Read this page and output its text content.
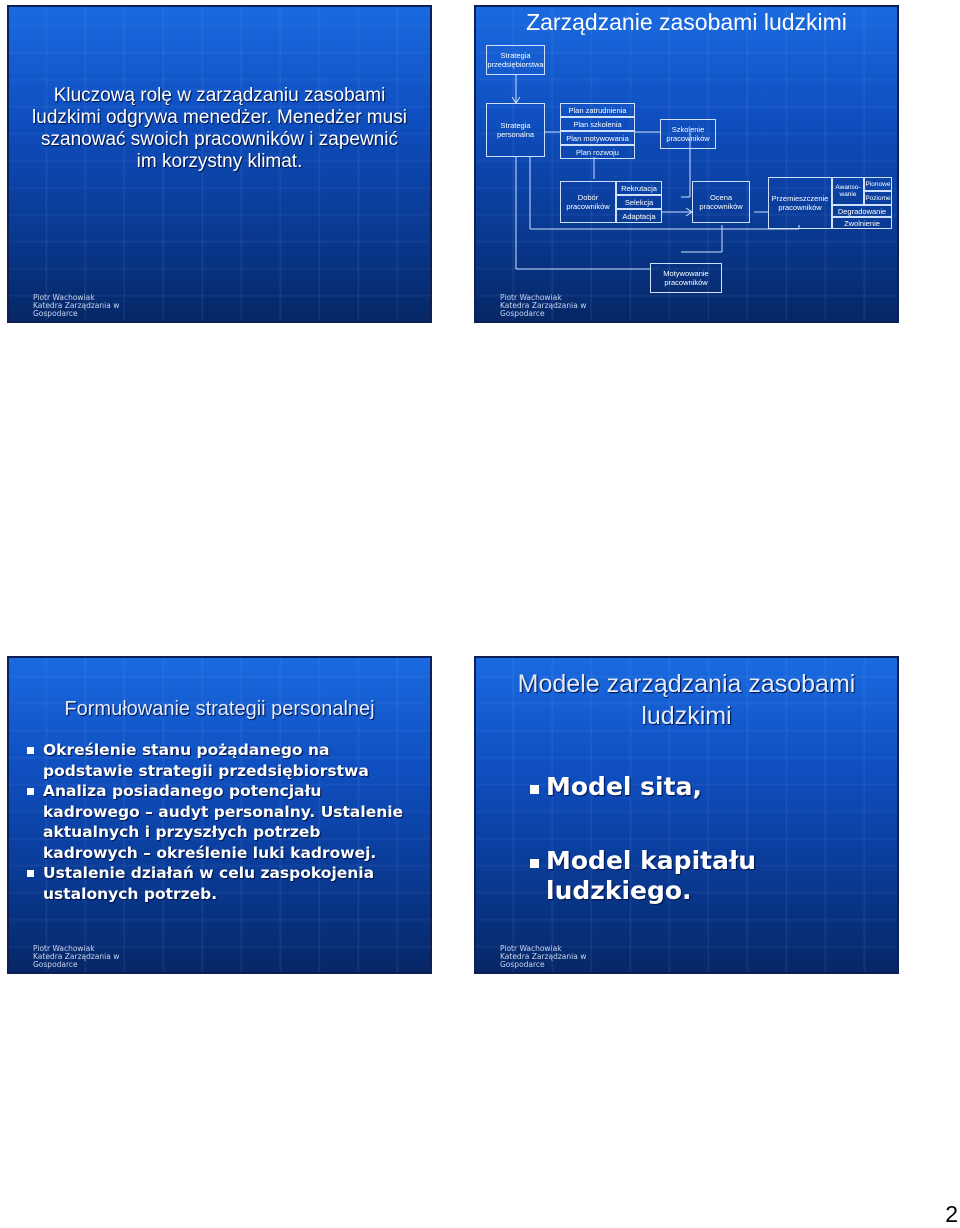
Kluczową rolę w zarządzaniu zasobami ludzkimi odgrywa menedżer. Menedżer musi szanować swoich pracowników i zapewnić im korzystny klimat.
Piotr Wachowiak
Katedra Zarządzania w
Gospodarce
Zarządzanie zasobami ludzkimi
Strategia przedsiębiorstwa
Strategia personalna
Plan zatrudnienia
Plan szkolenia
Plan motywowania
Plan rozwoju
Szkolenie pracowników
Dobór pracowników
Rekrutacja
Selekcja
Adaptacja
Ocena pracowników
Przemieszczenie pracowników
Awanso-wanie
Pionowe
Poziome
Degradowanie
Zwolnienie
Motywowanie pracowników
Piotr Wachowiak
Katedra Zarządzania w
Gospodarce
Formułowanie strategii personalnej
Określenie stanu pożądanego na podstawie strategii przedsiębiorstwa
Analiza posiadanego potencjału kadrowego – audyt personalny. Ustalenie aktualnych i przyszłych potrzeb kadrowych – określenie luki kadrowej.
Ustalenie działań w celu zaspokojenia ustalonych potrzeb.
Piotr Wachowiak
Katedra Zarządzania w
Gospodarce
Modele zarządzania zasobami ludzkimi
Model sita,
Model kapitału ludzkiego.
Piotr Wachowiak
Katedra Zarządzania w
Gospodarce
2
